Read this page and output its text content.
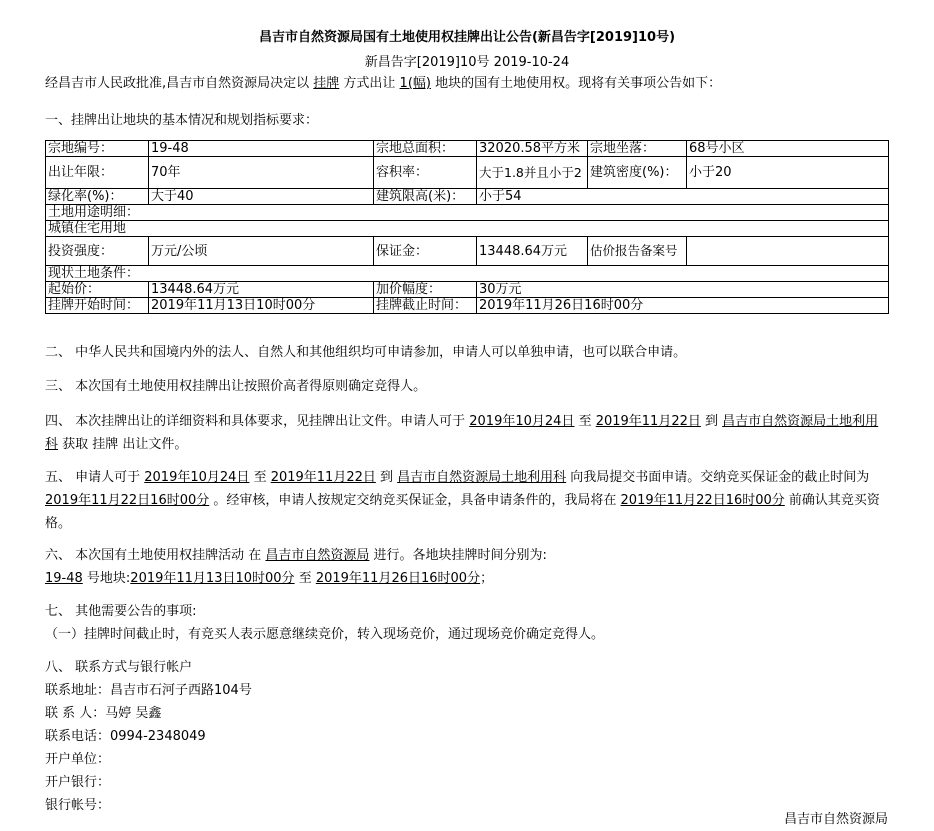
昌吉市自然资源局国有土地使用权挂牌出让公告(新昌告字[2019]10号)
新昌告字[2019]10号 2019-10-24
经昌吉市人民政批准,昌吉市自然资源局决定以 挂牌 方式出让 1(幅) 地块的国有土地使用权。现将有关事项公告如下：
一、挂牌出让地块的基本情况和规划指标要求：
宗地编号：	19-48	宗地总面积：	32020.58平方米	宗地坐落：	68号小区
出让年限：	70年	容积率：	大于1.8并且小于2	建筑密度(%)：	小于20
绿化率(%)：	大于40	建筑限高(米)：	小于54		
土地用途明细：					
城镇住宅用地					
投资强度：	万元/公顷	保证金：	13448.64万元	估价报告备案号	
现状土地条件：					
起始价：	13448.64万元	加价幅度：	30万元		
挂牌开始时间：	2019年11月13日10时00分	挂牌截止时间：	2019年11月26日16时00分		
二、 中华人民共和国境内外的法人、自然人和其他组织均可申请参加，申请人可以单独申请，也可以联合申请。
三、 本次国有土地使用权挂牌出让按照价高者得原则确定竞得人。
四、 本次挂牌出让的详细资料和具体要求，见挂牌出让文件。申请人可于 2019年10月24日 至 2019年11月22日 到 昌吉市自然资源局土地利用科 获取 挂牌 出让文件。
五、 申请人可于 2019年10月24日 至 2019年11月22日 到 昌吉市自然资源局土地利用科 向我局提交书面申请。交纳竞买保证金的截止时间为2019年11月22日16时00分 。经审核，申请人按规定交纳竞买保证金，具备申请条件的，我局将在 2019年11月22日16时00分 前确认其竞买资格。
六、 本次国有土地使用权挂牌活动 在 昌吉市自然资源局 进行。各地块挂牌时间分别为:
19-48 号地块:2019年11月13日10时00分 至 2019年11月26日16时00分；
七、 其他需要公告的事项:
（一）挂牌时间截止时，有竞买人表示愿意继续竞价，转入现场竞价，通过现场竞价确定竞得人。
八、 联系方式与银行帐户
联系地址：昌吉市石河子西路104号
联 系 人：马婷 吴鑫
联系电话：0994-2348049
开户单位：
开户银行：
银行帐号：
昌吉市自然资源局
